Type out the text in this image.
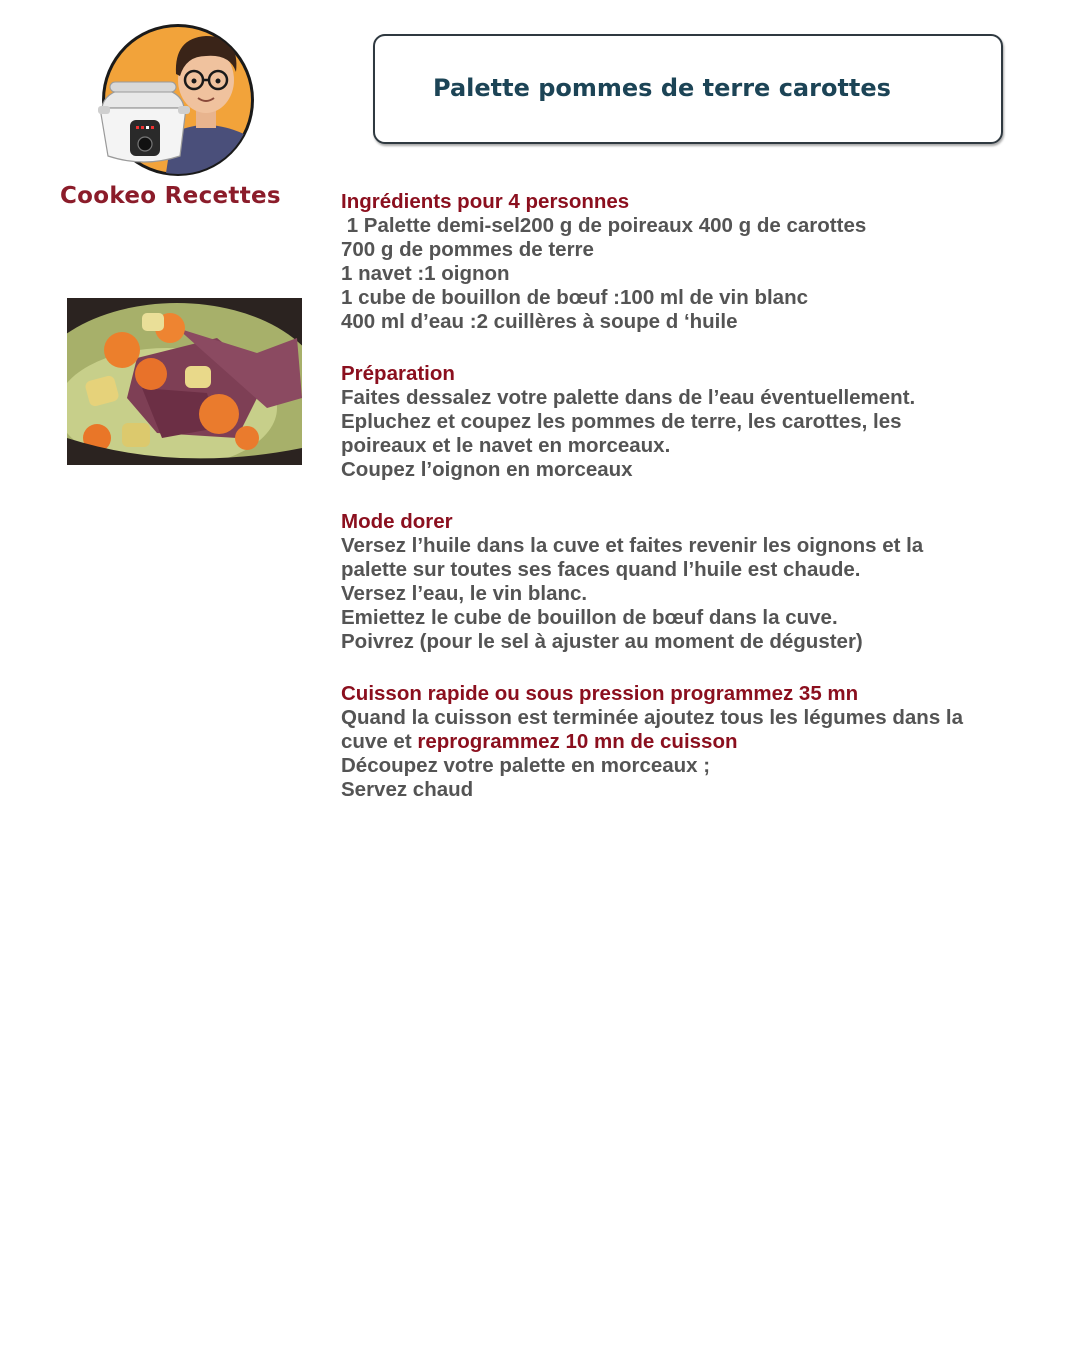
Cookeo Recettes
Palette pommes de terre carottes
Ingrédients pour 4 personnes
1 Palette demi-sel200 g de poireaux 400 g de carottes
700 g de pommes de terre
1 navet :1 oignon
1 cube de bouillon de bœuf :100 ml de vin blanc
400 ml d’eau :2 cuillères à soupe d ‘huile
Préparation
Faites dessalez votre palette dans de l’eau éventuellement.
Epluchez et coupez les pommes de terre, les carottes, les
poireaux et le navet en morceaux.
Coupez l’oignon en morceaux
Mode dorer
Versez l’huile dans la cuve et faites revenir les oignons et la
palette sur toutes ses faces quand l’huile est chaude.
Versez l’eau, le vin blanc.
Emiettez le cube de bouillon de bœuf dans la cuve.
Poivrez (pour le sel à ajuster au moment de déguster)
Cuisson rapide ou sous pression programmez 35 mn
Quand la cuisson est terminée ajoutez tous les légumes dans la
cuve et reprogrammez 10 mn de cuisson
Découpez votre palette en morceaux ;
Servez chaud
